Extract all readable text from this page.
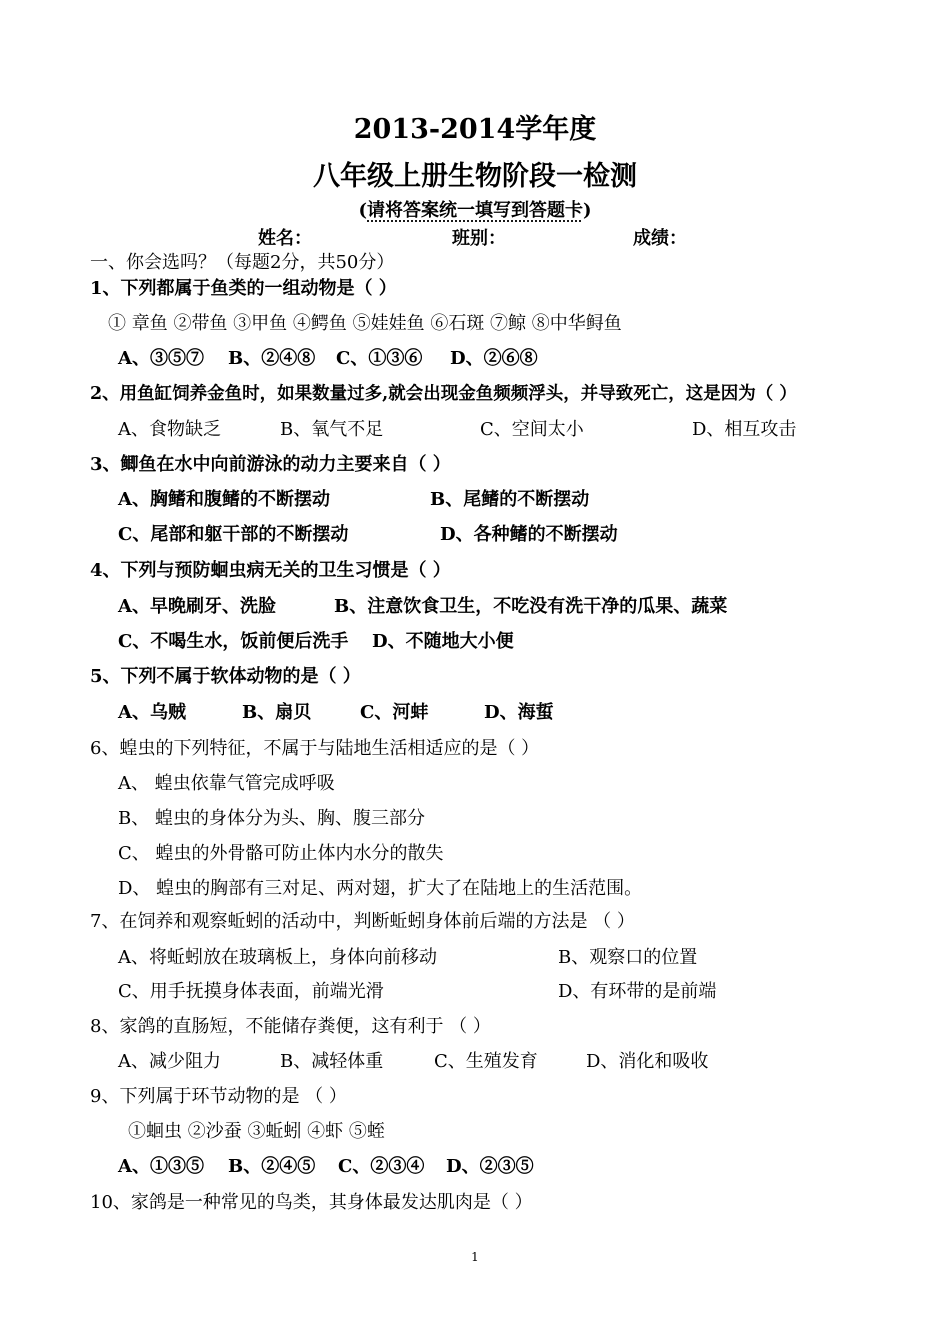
2013-2014学年度
八年级上册生物阶段一检测
(请将答案统一填写到答题卡)
姓名：	班别：	成绩：
一、你会选吗？（每题2分，共50分）
1、下列都属于鱼类的一组动物是（ ）
① 章鱼 ②带鱼 ③甲鱼 ④鳄鱼 ⑤娃娃鱼 ⑥石斑 ⑦鲸 ⑧中华鲟鱼
A、③⑤⑦ B、②④⑧ C、①③⑥ D、②⑥⑧
2、用鱼缸饲养金鱼时，如果数量过多,就会出现金鱼频频浮头，并导致死亡，这是因为（ ）
A、食物缺乏	B、氧气不足	C、空间太小	D、相互攻击
3、鲫鱼在水中向前游泳的动力主要来自（ ）
A、胸鳍和腹鳍的不断摆动	B、尾鳍的不断摆动
C、尾部和躯干部的不断摆动	D、各种鳍的不断摆动
4、下列与预防蛔虫病无关的卫生习惯是（ ）
A、早晚刷牙、洗脸	B、注意饮食卫生，不吃没有洗干净的瓜果、蔬菜
C、不喝生水，饭前便后洗手 D、不随地大小便
5、下列不属于软体动物的是（ ）
A、乌贼	B、扇贝	C、河蚌	D、海蜇
6、蝗虫的下列特征，不属于与陆地生活相适应的是（ ）
A、 蝗虫依靠气管完成呼吸
B、 蝗虫的身体分为头、胸、腹三部分
C、 蝗虫的外骨骼可防止体内水分的散失
D、 蝗虫的胸部有三对足、两对翅，扩大了在陆地上的生活范围。
7、在饲养和观察蚯蚓的活动中，判断蚯蚓身体前后端的方法是 （ ）
A、将蚯蚓放在玻璃板上，身体向前移动	B、观察口的位置
C、用手抚摸身体表面，前端光滑	D、有环带的是前端
8、家鸽的直肠短，不能储存粪便，这有利于 （ ）
A、减少阻力	B、减轻体重	C、生殖发育	D、消化和吸收
9、下列属于环节动物的是 （ ）
①蛔虫 ②沙蚕 ③蚯蚓 ④虾 ⑤蛭
A、①③⑤ B、②④⑤ C、②③④ D、②③⑤
10、家鸽是一种常见的鸟类，其身体最发达肌肉是（ ）
1
